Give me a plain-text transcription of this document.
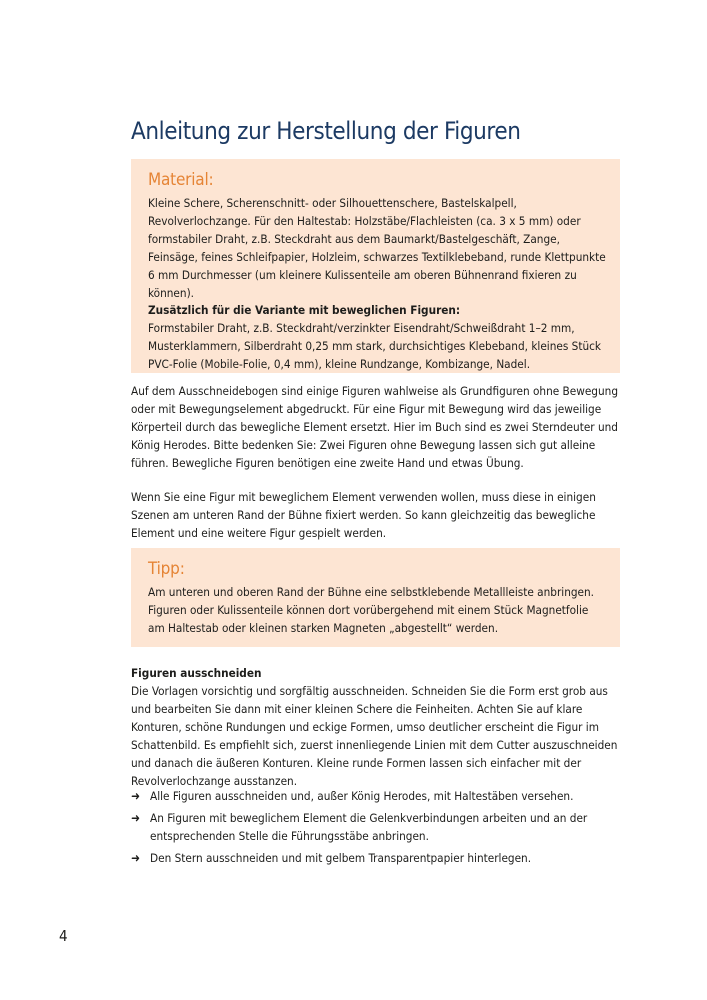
Anleitung zur Herstellung der Figuren

Material:

Kleine Schere, Scherenschnitt- oder Silhouettenschere, Bastelskalpell, Revolverlochzange. Für den Haltestab: Holzstäbe/Flachleisten (ca. 3 x 5 mm) oder formstabiler Draht, z.B. Steckdraht aus dem Baumarkt/Bastelgeschäft, Zange, Feinsäge, feines Schleifpapier, Holzleim, schwarzes Textilklebeband, runde Klettpunkte 6 mm Durchmesser (um kleinere Kulissenteile am oberen Bühnenrand fixieren zu können).
Zusätzlich für die Variante mit beweglichen Figuren:
Formstabiler Draht, z.B. Steckdraht/verzinkter Eisendraht/Schweißdraht 1–2 mm, Musterklammern, Silberdraht 0,25 mm stark, durchsichtiges Klebeband, kleines Stück PVC-Folie (Mobile-Folie, 0,4 mm), kleine Rundzange, Kombizange, Nadel.

Auf dem Ausschneidebogen sind einige Figuren wahlweise als Grundfiguren ohne Bewegung oder mit Bewegungselement abgedruckt. Für eine Figur mit Bewegung wird das jeweilige Körperteil durch das bewegliche Element ersetzt. Hier im Buch sind es zwei Sterndeuter und König Herodes. Bitte bedenken Sie: Zwei Figuren ohne Bewegung lassen sich gut alleine führen. Bewegliche Figuren benötigen eine zweite Hand und etwas Übung.

Wenn Sie eine Figur mit beweglichem Element verwenden wollen, muss diese in einigen Szenen am unteren Rand der Bühne fixiert werden. So kann gleichzeitig das bewegliche Element und eine weitere Figur gespielt werden.

Tipp:

Am unteren und oberen Rand der Bühne eine selbstklebende Metallleiste anbringen. Figuren oder Kulissenteile können dort vorübergehend mit einem Stück Magnetfolie am Haltestab oder kleinen starken Magneten „abgestellt“ werden.

Figuren ausschneiden

Die Vorlagen vorsichtig und sorgfältig ausschneiden. Schneiden Sie die Form erst grob aus und bearbeiten Sie dann mit einer kleinen Schere die Feinheiten. Achten Sie auf klare Konturen, schöne Rundungen und eckige Formen, umso deutlicher erscheint die Figur im Schattenbild. Es empfiehlt sich, zuerst innenliegende Linien mit dem Cutter auszuschneiden und danach die äußeren Konturen. Kleine runde Formen lassen sich einfacher mit der Revolverlochzange ausstanzen.

➜ Alle Figuren ausschneiden und, außer König Herodes, mit Haltestäben versehen.
➜ An Figuren mit beweglichem Element die Gelenkverbindungen arbeiten und an der entsprechenden Stelle die Führungsstäbe anbringen.
➜ Den Stern ausschneiden und mit gelbem Transparentpapier hinterlegen.

4
